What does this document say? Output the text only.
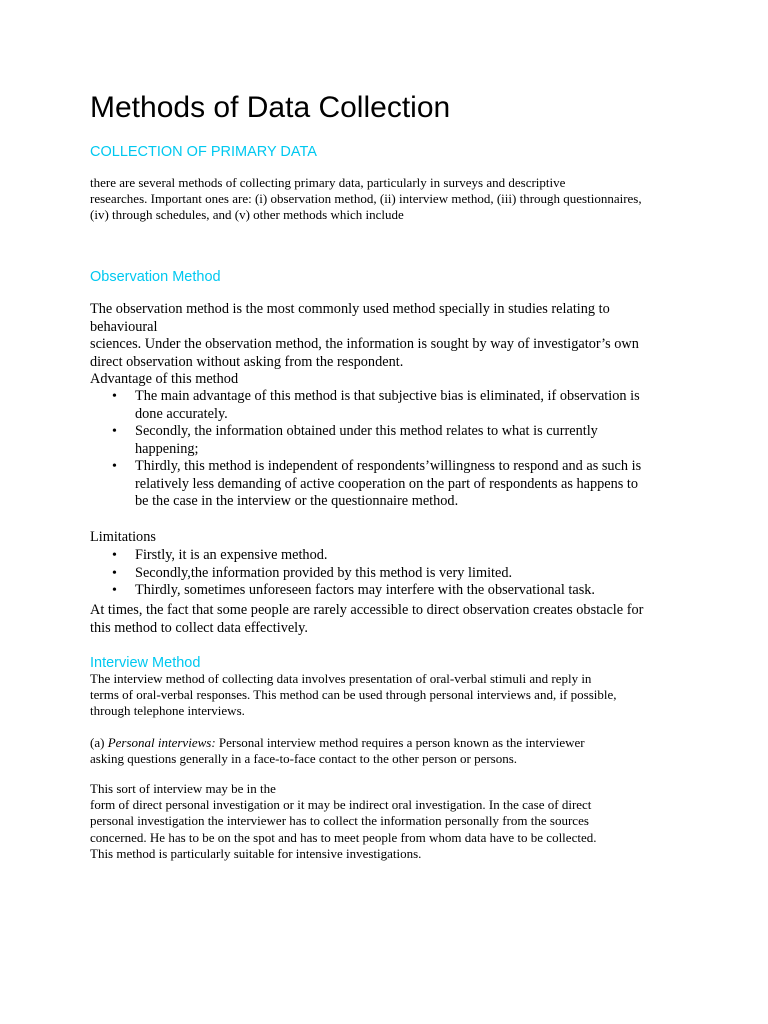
Methods of Data Collection
COLLECTION OF PRIMARY DATA
there are several methods of collecting primary data, particularly in surveys and descriptive
researches. Important ones are: (i) observation method, (ii) interview method, (iii) through questionnaires,
(iv) through schedules, and (v) other methods which include
Observation Method
The observation method is the most commonly used method specially in studies relating to
behavioural
sciences. Under the observation method, the information is sought by way of investigator’s own
direct observation without asking from the respondent.
Advantage of this method
• The main advantage of this method is that subjective bias is eliminated, if observation is
done accurately.
• Secondly, the information obtained under this method relates to what is currently
happening;
• Thirdly, this method is independent of respondents’willingness to respond and as such is
relatively less demanding of active cooperation on the part of respondents as happens to
be the case in the interview or the questionnaire method.
Limitations
• Firstly, it is an expensive method.
• Secondly,the information provided by this method is very limited.
• Thirdly, sometimes unforeseen factors may interfere with the observational task.
At times, the fact that some people are rarely accessible to direct observation creates obstacle for
this method to collect data effectively.
Interview Method
The interview method of collecting data involves presentation of oral-verbal stimuli and reply in
terms of oral-verbal responses. This method can be used through personal interviews and, if possible,
through telephone interviews.
(a) Personal interviews: Personal interview method requires a person known as the interviewer
asking questions generally in a face-to-face contact to the other person or persons.
This sort of interview may be in the
form of direct personal investigation or it may be indirect oral investigation. In the case of direct
personal investigation the interviewer has to collect the information personally from the sources
concerned. He has to be on the spot and has to meet people from whom data have to be collected.
This method is particularly suitable for intensive investigations.
